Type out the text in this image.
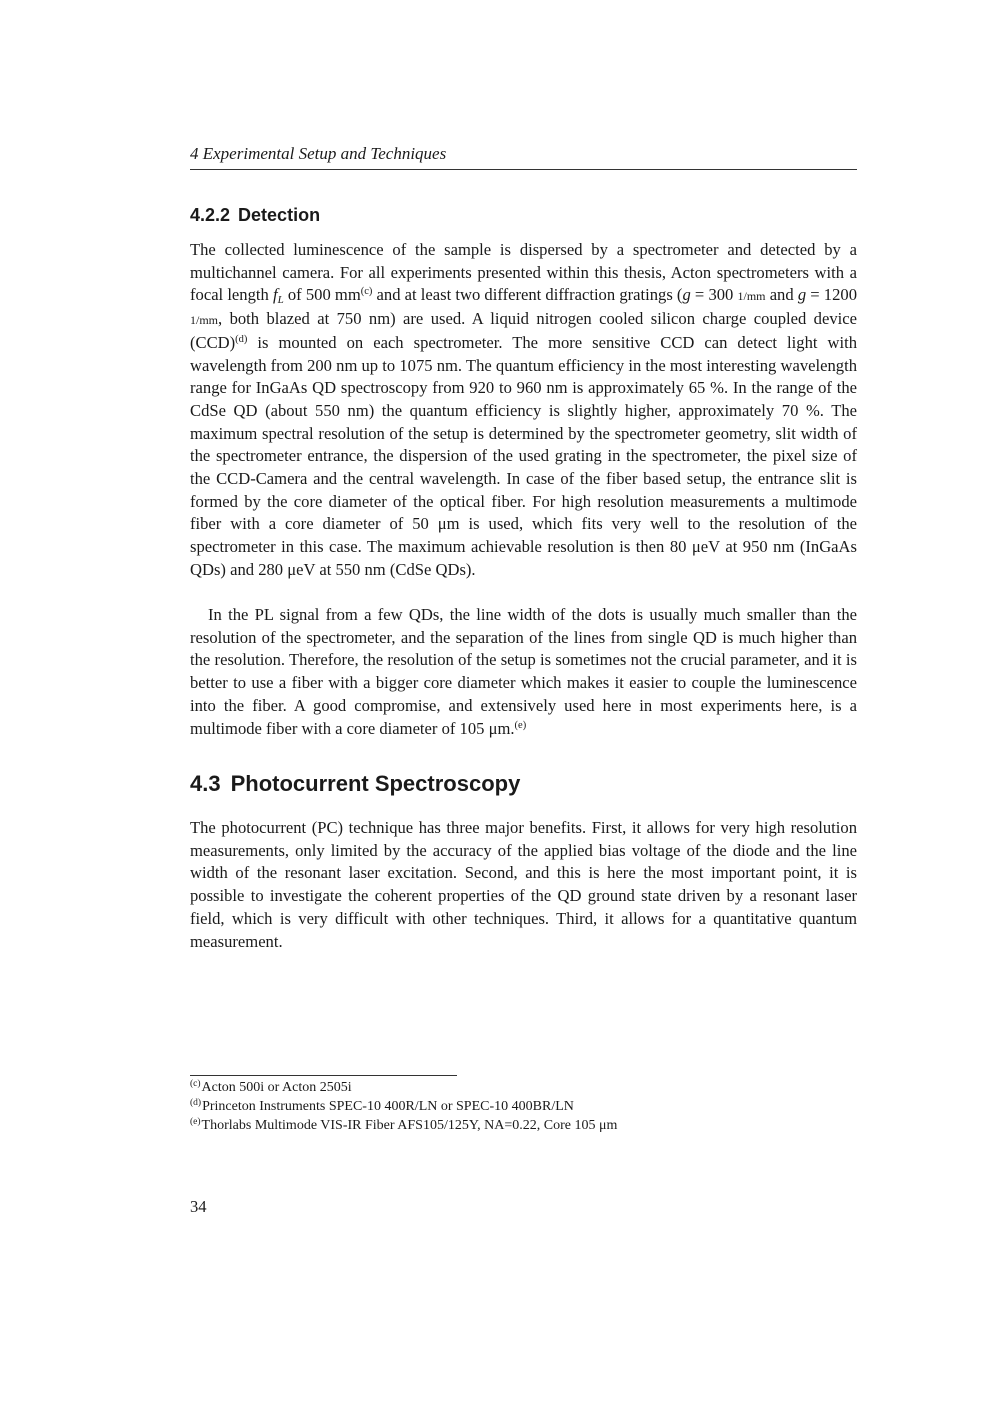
4 Experimental Setup and Techniques
4.2.2 Detection

The collected luminescence of the sample is dispersed by a spectrometer and detected by a multichannel camera. For all experiments presented within this thesis, Acton spectrometers with a focal length $f_L$ of 500 $mm^{(c)}$ and at least two different diffraction gratings (g = 300 1/mm and g = 1200 1/mm, both blazed at 750 nm) are used. A liquid nitrogen cooled silicon charge coupled device (CCD)$^{(d)}$ is mounted on each spectrometer. The more sensitive CCD can detect light with wavelength from 200 nm up to 1075 nm. The quantum efficiency in the most interesting wavelength range for InGaAs QD spectroscopy from 920 to 960 nm is approximately 65 %. In the range of the CdSe QD (about 550 nm) the quantum efficiency is slightly higher, approximately 70 %. The maximum spectral resolution of the setup is determined by the spectrometer geometry, slit width of the spectrometer entrance, the dispersion of the used grating in the spectrometer, the pixel size of the CCD-Camera and the central wavelength. In case of the fiber based setup, the entrance slit is formed by the core diameter of the optical fiber. For high resolution measurements a multimode fiber with a core diameter of 50 μm is used, which fits very well to the resolution of the spectrometer in this case. The maximum achievable resolution is then 80 μeV at 950 nm (InGaAs QDs) and 280 μeV at 550 nm (CdSe QDs).

In the PL signal from a few QDs, the line width of the dots is usually much smaller than the resolution of the spectrometer, and the separation of the lines from single QD is much higher than the resolution. Therefore, the resolution of the setup is sometimes not the crucial parameter, and it is better to use a fiber with a bigger core diameter which makes it easier to couple the luminescence into the fiber. A good compromise, and extensively used here in most experiments here, is a multimode fiber with a core diameter of 105 μm.$^{(e)}$

4.3 Photocurrent Spectroscopy

The photocurrent (PC) technique has three major benefits. First, it allows for very high resolution measurements, only limited by the accuracy of the applied bias voltage of the diode and the line width of the resonant laser excitation. Second, and this is here the most important point, it is possible to investigate the coherent properties of the QD ground state driven by a resonant laser field, which is very difficult with other techniques. Third, it allows for a quantitative quantum measurement.

$^{(c)}$Acton 500i or Acton 2505i
$^{(d)}$Princeton Instruments SPEC-10 400R/LN or SPEC-10 400BR/LN
$^{(e)}$Thorlabs Multimode VIS-IR Fiber AFS105/125Y, NA=0.22, Core 105 μm
34
